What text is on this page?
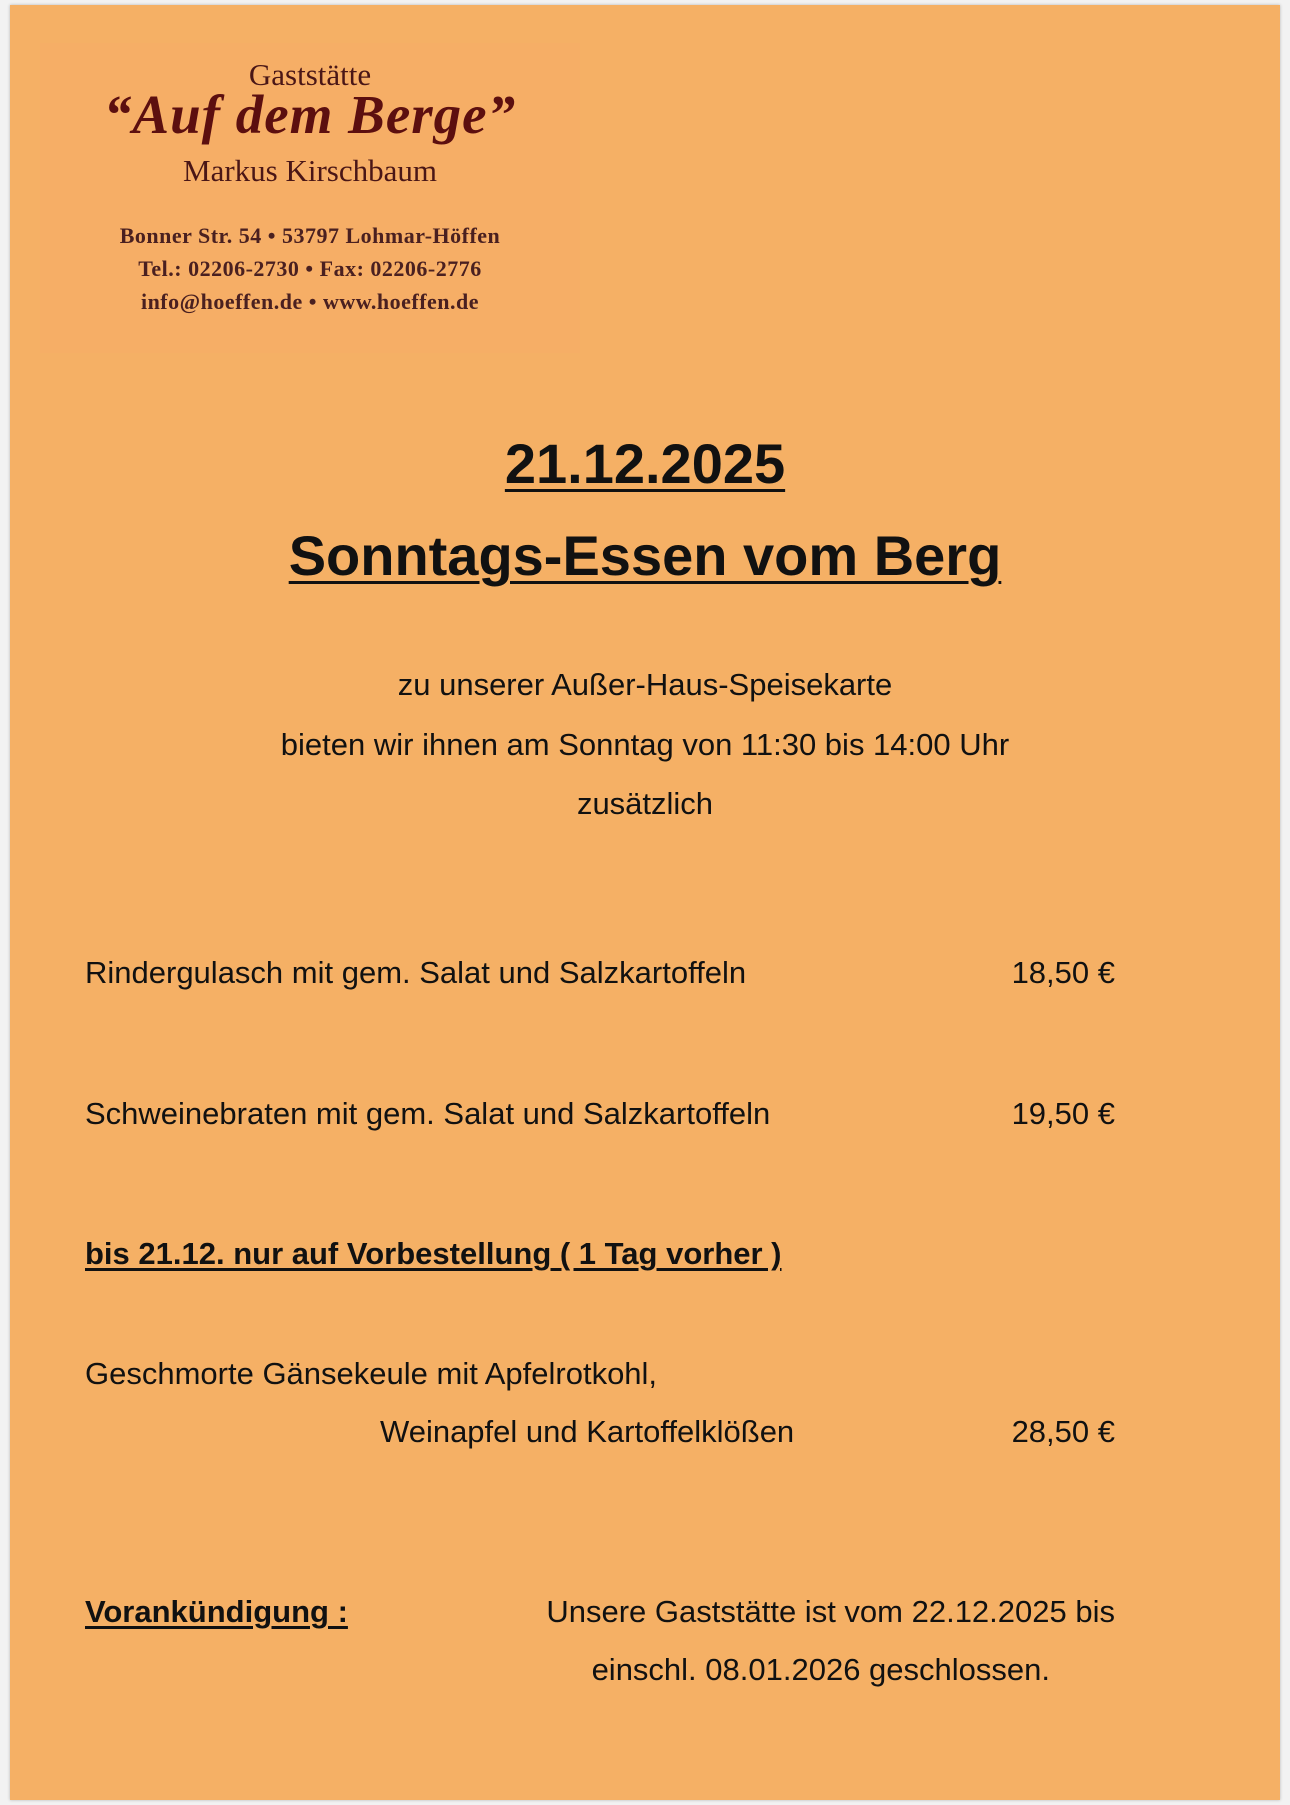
Gaststätte
“Auf dem Berge”
Markus Kirschbaum
Bonner Str. 54 • 53797 Lohmar-Höffen
Tel.: 02206-2730 • Fax: 02206-2776
info@hoeffen.de • www.hoeffen.de
21.12.2025
Sonntags-Essen vom Berg
zu unserer Außer-Haus-Speisekarte
bieten wir ihnen am Sonntag von 11:30 bis 14:00 Uhr
zusätzlich
Rindergulasch mit gem. Salat und Salzkartoffeln	18,50 €
Schweinebraten mit gem. Salat und Salzkartoffeln	19,50 €
bis 21.12. nur auf Vorbestellung ( 1 Tag vorher )
Geschmorte Gänsekeule mit Apfelrotkohl,
Weinapfel und Kartoffelklößen	28,50 €
Vorankündigung :	Unsere Gaststätte ist vom 22.12.2025 bis
einschl. 08.01.2026 geschlossen.
